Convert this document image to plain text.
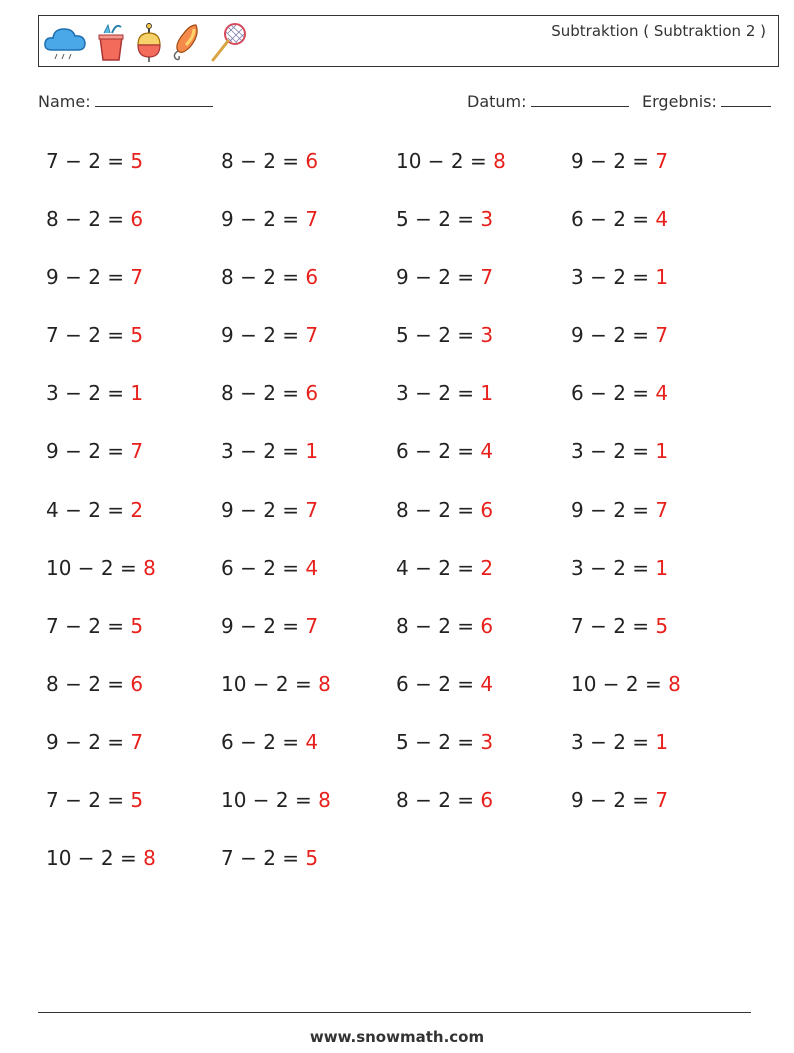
Subtraktion ( Subtraktion 2 )
Name:	Datum:	Ergebnis:
7 − 2 = 5	8 − 2 = 6	10 − 2 = 8	9 − 2 = 7
8 − 2 = 6	9 − 2 = 7	5 − 2 = 3	6 − 2 = 4
9 − 2 = 7	8 − 2 = 6	9 − 2 = 7	3 − 2 = 1
7 − 2 = 5	9 − 2 = 7	5 − 2 = 3	9 − 2 = 7
3 − 2 = 1	8 − 2 = 6	3 − 2 = 1	6 − 2 = 4
9 − 2 = 7	3 − 2 = 1	6 − 2 = 4	3 − 2 = 1
4 − 2 = 2	9 − 2 = 7	8 − 2 = 6	9 − 2 = 7
10 − 2 = 8	6 − 2 = 4	4 − 2 = 2	3 − 2 = 1
7 − 2 = 5	9 − 2 = 7	8 − 2 = 6	7 − 2 = 5
8 − 2 = 6	10 − 2 = 8	6 − 2 = 4	10 − 2 = 8
9 − 2 = 7	6 − 2 = 4	5 − 2 = 3	3 − 2 = 1
7 − 2 = 5	10 − 2 = 8	8 − 2 = 6	9 − 2 = 7
10 − 2 = 8	7 − 2 = 5
www.snowmath.com
